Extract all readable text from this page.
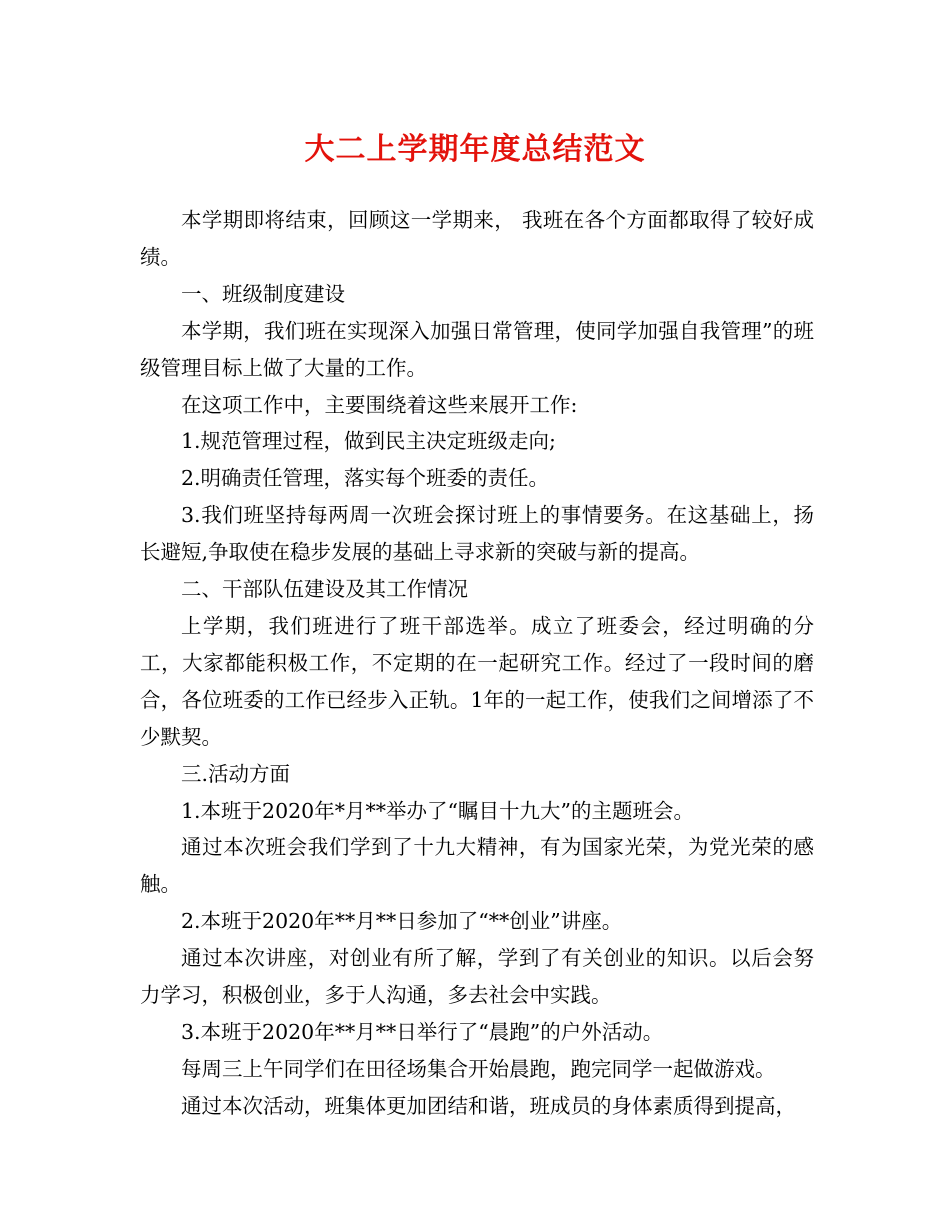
大二上学期年度总结范文

本学期即将结束，回顾这一学期来， 我班在各个方面都取得了较好成绩。

一、班级制度建设

本学期，我们班在实现深入加强日常管理，使同学加强自我管理”的班级管理目标上做了大量的工作。

在这项工作中，主要围绕着这些来展开工作:

1.规范管理过程，做到民主决定班级走向;

2.明确责任管理，落实每个班委的责任。

3.我们班坚持每两周一次班会探讨班上的事情要务。在这基础上，扬长避短,争取使在稳步发展的基础上寻求新的突破与新的提高。

二、干部队伍建设及其工作情况

上学期，我们班进行了班干部选举。成立了班委会，经过明确的分工，大家都能积极工作，不定期的在一起研究工作。经过了一段时间的磨合，各位班委的工作已经步入正轨。1年的一起工作，使我们之间增添了不少默契。

三.活动方面

1.本班于2020年*月**举办了“瞩目十九大”的主题班会。

通过本次班会我们学到了十九大精神，有为国家光荣，为党光荣的感触。

2.本班于2020年**月**日参加了“**创业”讲座。

通过本次讲座，对创业有所了解，学到了有关创业的知识。以后会努力学习，积极创业，多于人沟通，多去社会中实践。

3.本班于2020年**月**日举行了“晨跑”的户外活动。

每周三上午同学们在田径场集合开始晨跑，跑完同学一起做游戏。

通过本次活动，班集体更加团结和谐，班成员的身体素质得到提高，
